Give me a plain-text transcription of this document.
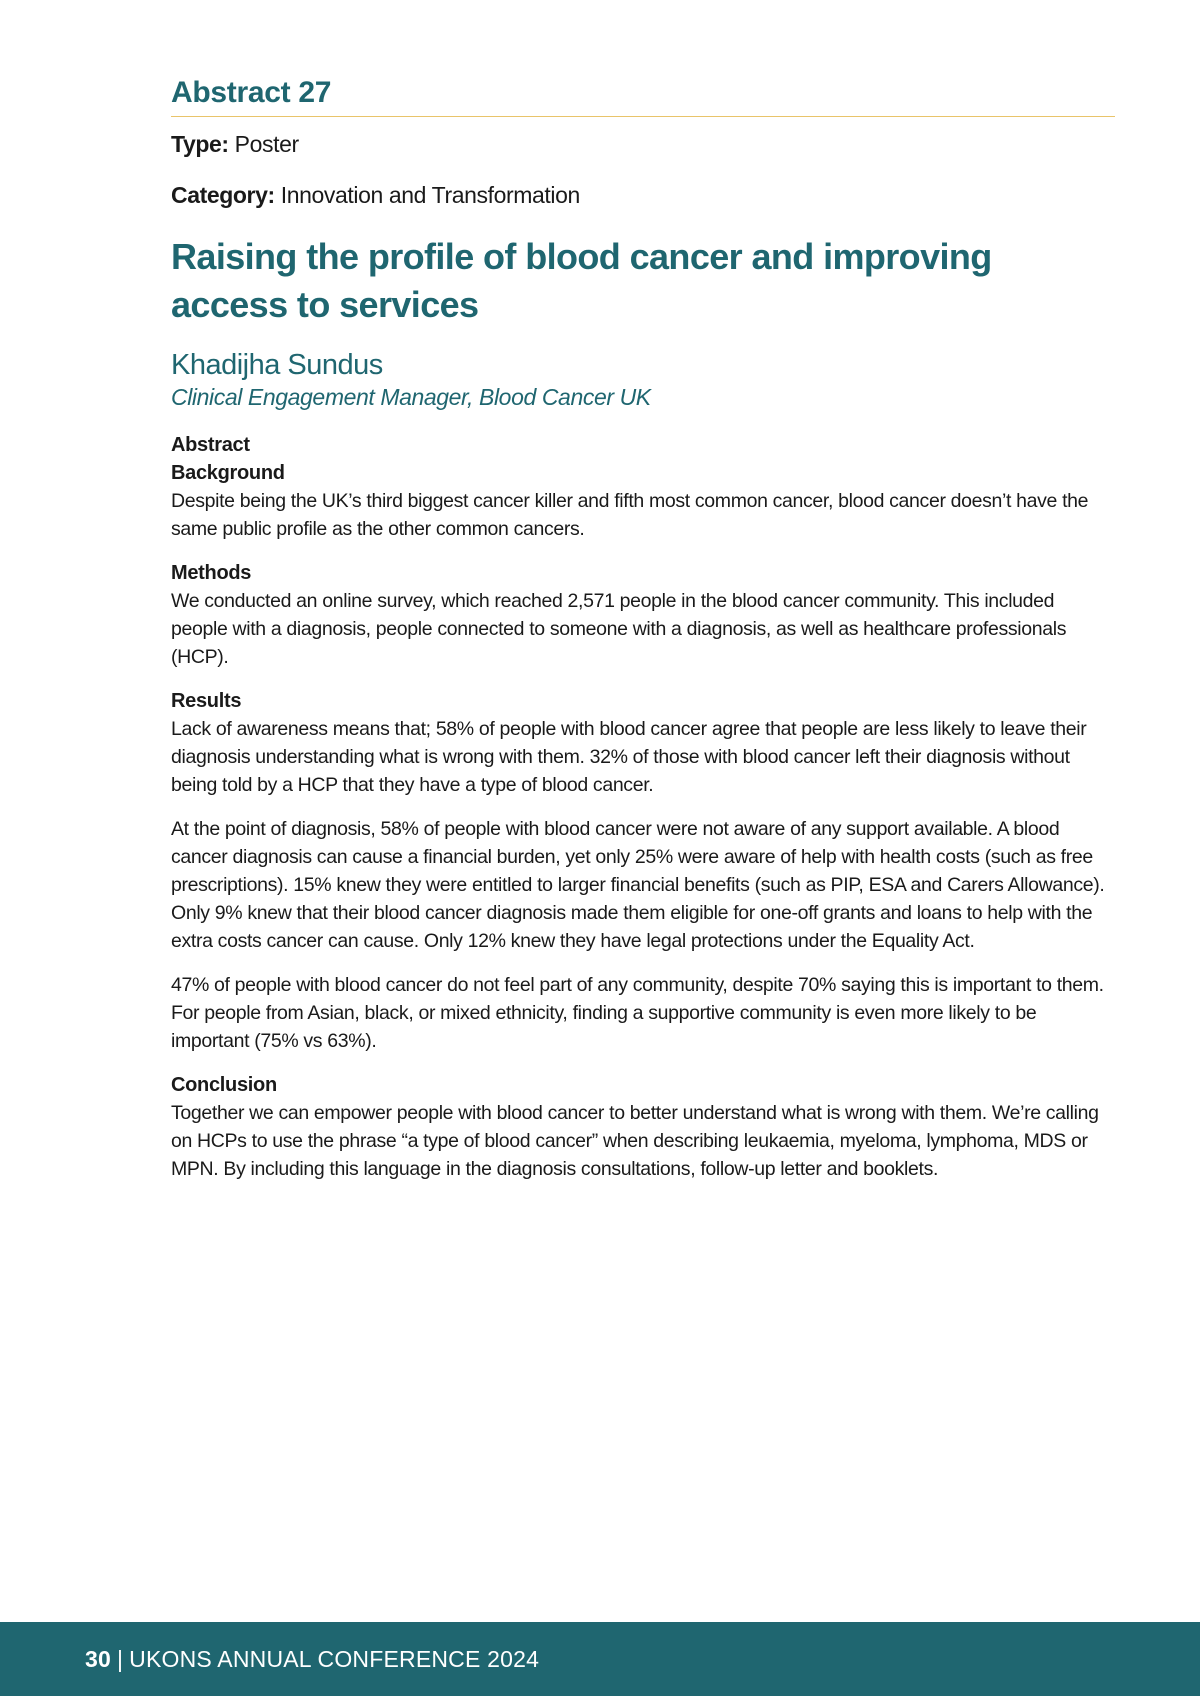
Abstract 27

Type: Poster

Category: Innovation and Transformation

Raising the profile of blood cancer and improving access to services

Khadijha Sundus

Clinical Engagement Manager, Blood Cancer UK

Abstract

Background

Despite being the UK’s third biggest cancer killer and fifth most common cancer, blood cancer doesn’t have the same public profile as the other common cancers.

Methods

We conducted an online survey, which reached 2,571 people in the blood cancer community. This included people with a diagnosis, people connected to someone with a diagnosis, as well as healthcare professionals (HCP).

Results

Lack of awareness means that; 58% of people with blood cancer agree that people are less likely to leave their diagnosis understanding what is wrong with them. 32% of those with blood cancer left their diagnosis without being told by a HCP that they have a type of blood cancer.

At the point of diagnosis, 58% of people with blood cancer were not aware of any support available. A blood cancer diagnosis can cause a financial burden, yet only 25% were aware of help with health costs (such as free prescriptions). 15% knew they were entitled to larger financial benefits (such as PIP, ESA and Carers Allowance). Only 9% knew that their blood cancer diagnosis made them eligible for one-off grants and loans to help with the extra costs cancer can cause. Only 12% knew they have legal protections under the Equality Act.

47% of people with blood cancer do not feel part of any community, despite 70% saying this is important to them. For people from Asian, black, or mixed ethnicity, finding a supportive community is even more likely to be important (75% vs 63%).

Conclusion

Together we can empower people with blood cancer to better understand what is wrong with them. We’re calling on HCPs to use the phrase “a type of blood cancer” when describing leukaemia, myeloma, lymphoma, MDS or MPN. By including this language in the diagnosis consultations, follow-up letter and booklets.

30 | UKONS ANNUAL CONFERENCE 2024
